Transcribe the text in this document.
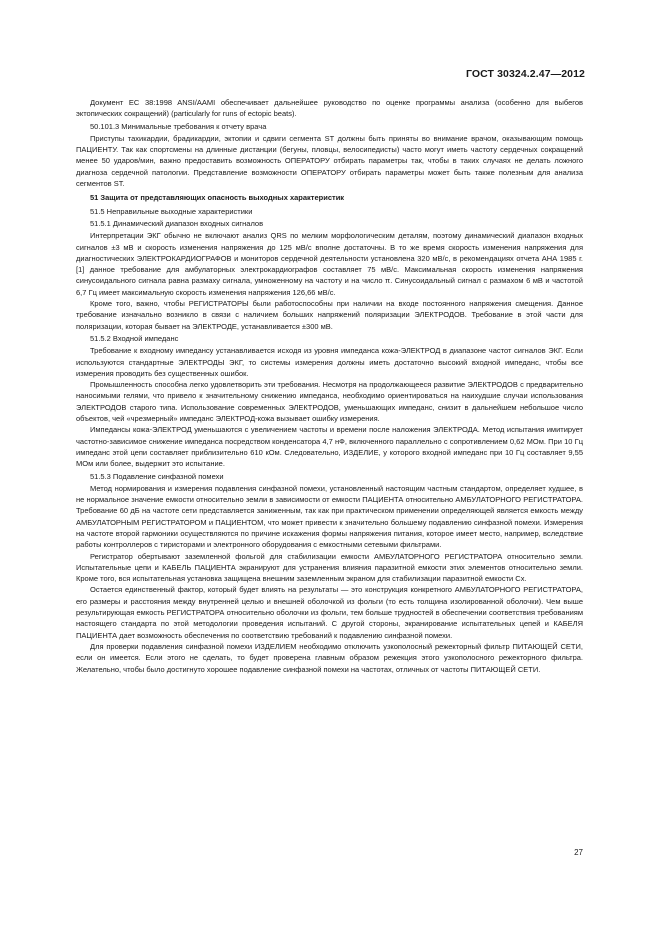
ГОСТ 30324.2.47—2012

Документ EC 38:1998 ANSI/AAMI обеспечивает дальнейшее руководство по оценке программы анализа (особенно для выбегов эктопических сокращений) (particularly for runs of ectopic beats).

50.101.3 Минимальные требования к отчету врача

Приступы тахикардии, брадикардии, эктопии и сдвиги сегмента ST должны быть приняты во внимание врачом, оказывающим помощь ПАЦИЕНТУ. Так как спортсмены на длинные дистанции (бегуны, пловцы, велосипедисты) часто могут иметь частоту сердечных сокращений менее 50 ударов/мин, важно предоставить возможность ОПЕРАТОРУ отбирать параметры так, чтобы в таких случаях не делать ложного диагноза сердечной патологии. Представление возможности ОПЕРАТОРУ отбирать параметры может быть также полезным для анализа сегментов ST.

51 Защита от представляющих опасность выходных характеристик

51.5 Неправильные выходные характеристики

51.5.1 Динамический диапазон входных сигналов

Интерпретации ЭКГ обычно не включают анализ QRS по мелким морфологическим деталям, поэтому динамический диапазон входных сигналов ±3 мВ и скорость изменения напряжения до 125 мВ/с вполне достаточны. В то же время скорость изменения напряжения для диагностических ЭЛЕКТРОКАРДИОГРАФОВ и мониторов сердечной деятельности установлена 320 мВ/с, в рекомендациях отчета АНА 1985 г. [1] данное требование для амбулаторных электрокардиографов составляет 75 мВ/с. Максимальная скорость изменения напряжения синусоидального сигнала равна размаху сигнала, умноженному на частоту и на число π. Синусоидальный сигнал с размахом 6 мВ и частотой 6,7 Гц имеет максимальную скорость изменения напряжения 126,66 мВ/с.

Кроме того, важно, чтобы РЕГИСТРАТОРЫ были работоспособны при наличии на входе постоянного напряжения смещения. Данное требование изначально возникло в связи с наличием больших напряжений поляризации ЭЛЕКТРОДОВ. Требование в этой части для поляризации, которая бывает на ЭЛЕКТРОДЕ, устанавливается ±300 мВ.

51.5.2 Входной импеданс

Требование к входному импедансу устанавливается исходя из уровня импеданса кожа-ЭЛЕКТРОД в диапазоне частот сигналов ЭКГ. Если используются стандартные ЭЛЕКТРОДЫ ЭКГ, то системы измерения должны иметь достаточно высокий входной импеданс, чтобы все измерения проводить без существенных ошибок.

Промышленность способна легко удовлетворить эти требования. Несмотря на продолжающееся развитие ЭЛЕКТРОДОВ с предварительно наносимыми гелями, что привело к значительному снижению импеданса, необходимо ориентироваться на наихудшие случаи использования ЭЛЕКТРОДОВ старого типа. Использование современных ЭЛЕКТРОДОВ, уменьшающих импеданс, снизит в дальнейшем небольшое число объектов, чей «чрезмерный» импеданс ЭЛЕКТРОД-кожа вызывает ошибку измерения.

Импедансы кожа-ЭЛЕКТРОД уменьшаются с увеличением частоты и времени после наложения ЭЛЕКТРОДА. Метод испытания имитирует частотно-зависимое снижение импеданса посредством конденсатора 4,7 нФ, включенного параллельно с сопротивлением 0,62 МОм. При 10 Гц импеданс этой цепи составляет приблизительно 610 кОм. Следовательно, ИЗДЕЛИЕ, у которого входной импеданс при 10 Гц составляет 9,55 МОм или более, выдержит это испытание.

51.5.3 Подавление синфазной помехи

Метод нормирования и измерения подавления синфазной помехи, установленный настоящим частным стандартом, определяет худшее, в не нормальное значение емкости относительно земли в зависимости от емкости ПАЦИЕНТА относительно АМБУЛАТОРНОГО РЕГИСТРАТОРА. Требование 60 дБ на частоте сети представляется заниженным, так как при практическом применении определяющей является емкость между АМБУЛАТОРНЫМ РЕГИСТРАТОРОМ и ПАЦИЕНТОМ, что может привести к значительно большему подавлению синфазной помехи. Измерения на частоте второй гармоники осуществляются по причине искажения формы напряжения питания, которое имеет место, например, вследствие работы контроллеров с тиристорами и электронного оборудования с емкостными сетевыми фильтрами.

Регистратор обертывают заземленной фольгой для стабилизации емкости АМБУЛАТОРНОГО РЕГИСТРАТОРА относительно земли. Испытательные цепи и КАБЕЛЬ ПАЦИЕНТА экранируют для устранения влияния паразитной емкости этих элементов относительно земли. Кроме того, вся испытательная установка защищена внешним заземленным экраном для стабилизации паразитной емкости Cx.

Остается единственный фактор, который будет влиять на результаты — это конструкция конкретного АМБУЛАТОРНОГО РЕГИСТРАТОРА, его размеры и расстояния между внутренней целью и внешней оболочкой из фольги (то есть толщина изолированной оболочки). Чем выше результирующая емкость РЕГИСТРАТОРА относительно оболочки из фольги, тем больше трудностей в обеспечении соответствия требованиям настоящего стандарта по этой методологии проведения испытаний. С другой стороны, экранирование испытательных цепей и КАБЕЛЯ ПАЦИЕНТА дает возможность обеспечения по соответствию требований к подавлению синфазной помехи.

Для проверки подавления синфазной помехи ИЗДЕЛИЕМ необходимо отключить узкополосный режекторный фильтр ПИТАЮЩЕЙ СЕТИ, если он имеется. Если этого не сделать, то будет проверена главным образом режекция этого узкополосного режекторного фильтра. Желательно, чтобы было достигнуто хорошее подавление синфазной помехи на частотах, отличных от частоты ПИТАЮЩЕЙ СЕТИ.

27
